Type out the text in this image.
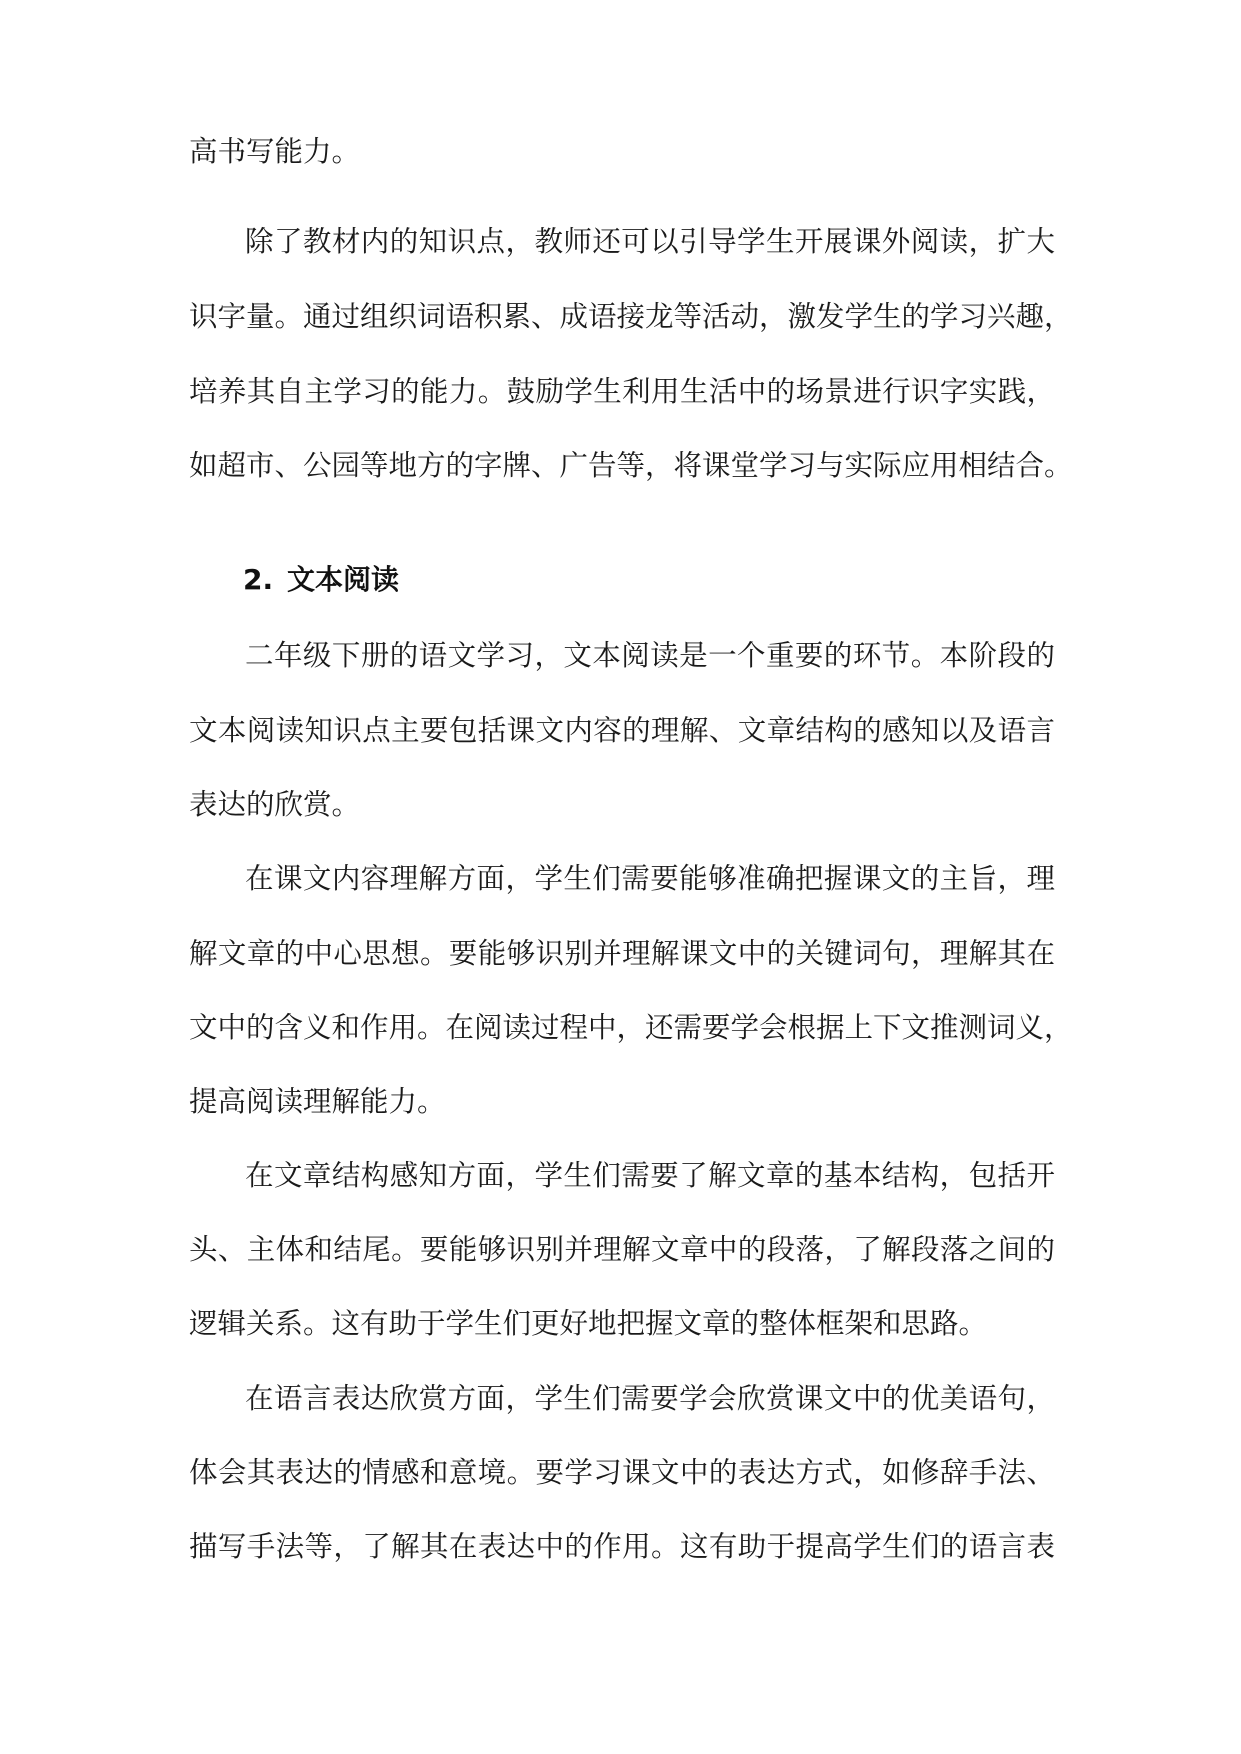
高书写能力。
除了教材内的知识点，教师还可以引导学生开展课外阅读，扩大
识字量。通过组织词语积累、成语接龙等活动，激发学生的学习兴趣，
培养其自主学习的能力。鼓励学生利用生活中的场景进行识字实践，
如超市、公园等地方的字牌、广告等，将课堂学习与实际应用相结合。
2. 文本阅读
二年级下册的语文学习，文本阅读是一个重要的环节。本阶段的
文本阅读知识点主要包括课文内容的理解、文章结构的感知以及语言
表达的欣赏。
在课文内容理解方面，学生们需要能够准确把握课文的主旨，理
解文章的中心思想。要能够识别并理解课文中的关键词句，理解其在
文中的含义和作用。在阅读过程中，还需要学会根据上下文推测词义，
提高阅读理解能力。
在文章结构感知方面，学生们需要了解文章的基本结构，包括开
头、主体和结尾。要能够识别并理解文章中的段落，了解段落之间的
逻辑关系。这有助于学生们更好地把握文章的整体框架和思路。
在语言表达欣赏方面，学生们需要学会欣赏课文中的优美语句，
体会其表达的情感和意境。要学习课文中的表达方式，如修辞手法、
描写手法等，了解其在表达中的作用。这有助于提高学生们的语言表
